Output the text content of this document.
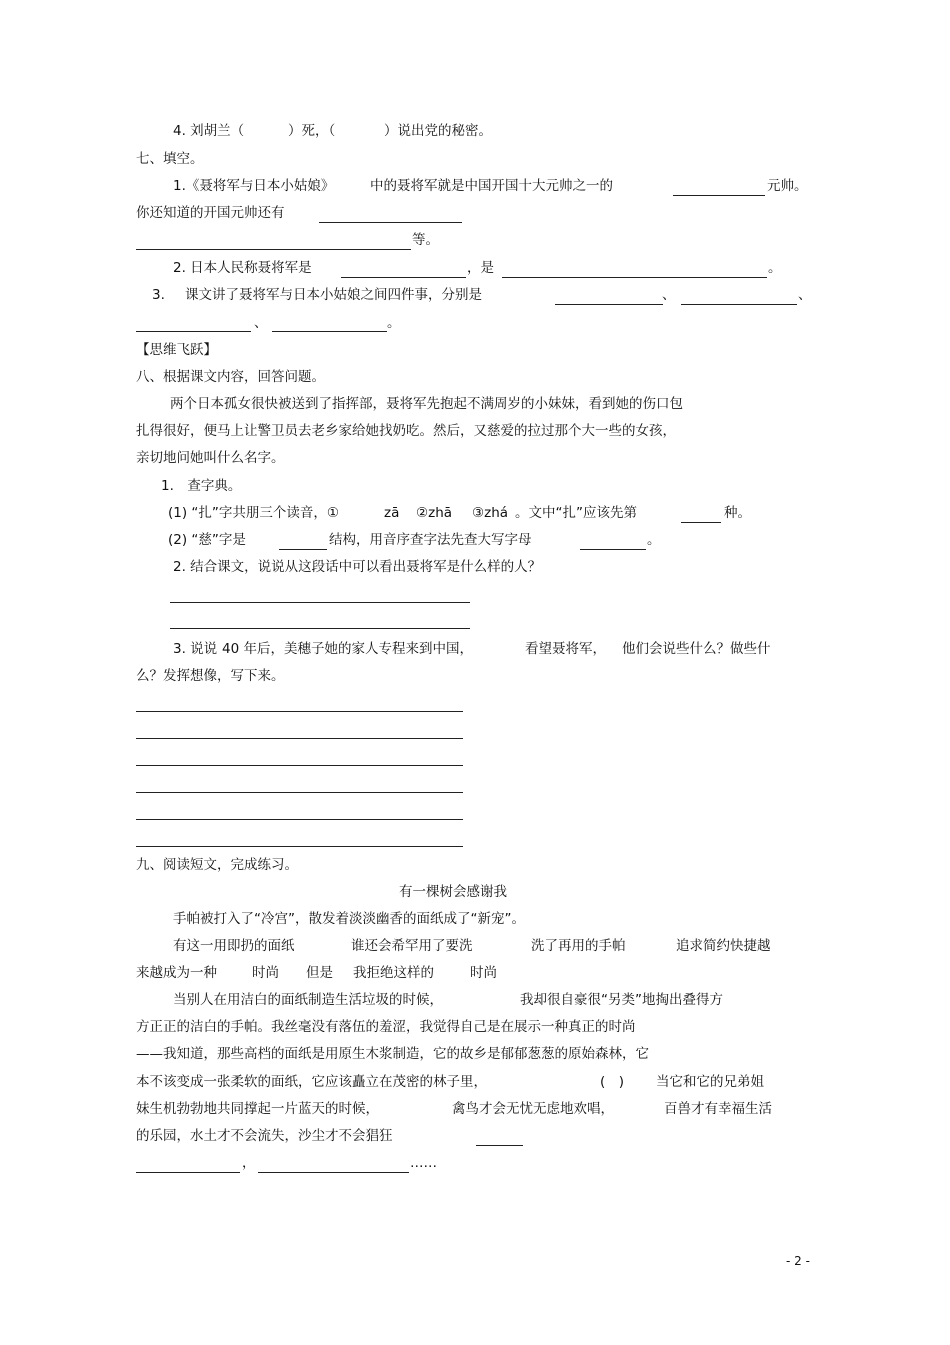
4. 刘胡兰（	）死，（	）说出党的秘密。
七、填空。
1.《聂将军与日本小姑娘》	中的聂将军就是中国开国十大元帅之一的	元帅。
你还知道的开国元帅还有
等。
2. 日本人民称聂将军是	，是	。
3. 课文讲了聂将军与日本小姑娘之间四件事，分别是	、	、
、	。
【思维飞跃】
八、根据课文内容，回答问题。
两个日本孤女很快被送到了指挥部，聂将军先抱起不满周岁的小妹妹，看到她的伤口包
扎得很好，便马上让警卫员去老乡家给她找奶吃。然后，又慈爱的拉过那个大一些的女孩，
亲切地问她叫什么名字。
1.　查字典。
(1) “扎”字共朋三个读音，①	zā ②zhā ③zhá 。文中“扎”应该先第	种。
(2) “慈”字是	结构，用音序查字法先查大写字母	。
2. 结合课文，说说从这段话中可以看出聂将军是什么样的人？
3. 说说 40 年后，美穗子她的家人专程来到中国，	看望聂将军， 他们会说些什么？做些什
么？发挥想像，写下来。
九、阅读短文，完成练习。
有一棵树会感谢我
手帕被打入了“冷宫”，散发着淡淡幽香的面纸成了“新宠”。
有这一用即扔的面纸	谁还会希罕用了要洗	洗了再用的手帕	追求简约快捷越
来越成为一种	时尚 但是 我拒绝这样的	时尚
当别人在用洁白的面纸制造生活垃圾的时候，	我却很自豪很“另类”地掏出叠得方
方正正的洁白的手帕。我丝毫没有落伍的羞涩，我觉得自己是在展示一种真正的时尚
——我知道，那些高档的面纸是用原生木浆制造，它的故乡是郁郁葱葱的原始森林，它
本不该变成一张柔软的面纸，它应该矗立在茂密的林子里，	(　) 当它和它的兄弟姐
妹生机勃勃地共同撑起一片蓝天的时候，	禽鸟才会无忧无虑地欢唱，	百兽才有幸福生活
的乐园，水土才不会流失，沙尘才不会猖狂
，	……
- 2 -
